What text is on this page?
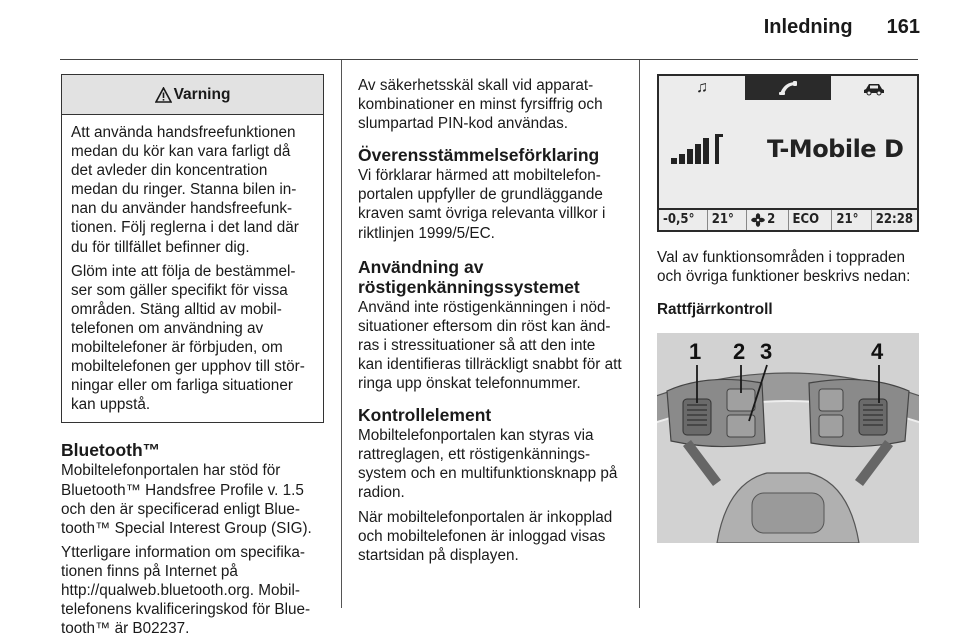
Inledning 161
Varning

Att använda handsfreefunktionen medan du kör kan vara farligt då det avleder din koncentration medan du ringer. Stanna bilen in-nan du använder handsfreefunk-tionen. Följ reglerna i det land där du för tillfället befinner dig.

Glöm inte att följa de bestämmel-ser som gäller specifikt för vissa områden. Stäng alltid av mobil-telefonen om användning av mobiltelefoner är förbjuden, om mobiltelefonen ger upphov till stör-ningar eller om farliga situationer kan uppstå.

Bluetooth™

Mobiltelefonportalen har stöd för Bluetooth™ Handsfree Profile v. 1.5 och den är specificerad enligt Blue-tooth™ Special Interest Group (SIG).

Ytterligare information om specifika-tionen finns på Internet på http://qualweb.bluetooth.org. Mobil-telefonens kvalificeringskod för Blue-tooth™ är B02237.

Av säkerhetsskäl skall vid apparat-kombinationer en minst fyrsiffrig och slumpartad PIN-kod användas.

Överensstämmelseförklaring

Vi förklarar härmed att mobiltelefon-portalen uppfyller de grundläggande kraven samt övriga relevanta villkor i riktlinjen 1999/5/EC.

Användning av röstigenkänningssystemet

Använd inte röstigenkänningen i nöd-situationer eftersom din röst kan änd-ras i stressituationer så att den inte kan identifieras tillräckligt snabbt för att ringa upp önskat telefonnummer.

Kontrollelement

Mobiltelefonportalen kan styras via rattreglagen, ett röstigenkännings-system och en multifunktionsknapp på radion.

När mobiltelefonportalen är inkopplad och mobiltelefonen är inloggad visas startsidan på displayen.

♫
T-Mobile D
-0,5°	21°	2	ECO	21°	22:28

Val av funktionsområden i toppraden och övriga funktioner beskrivs nedan:

Rattfjärrkontroll

1 2 3	4
